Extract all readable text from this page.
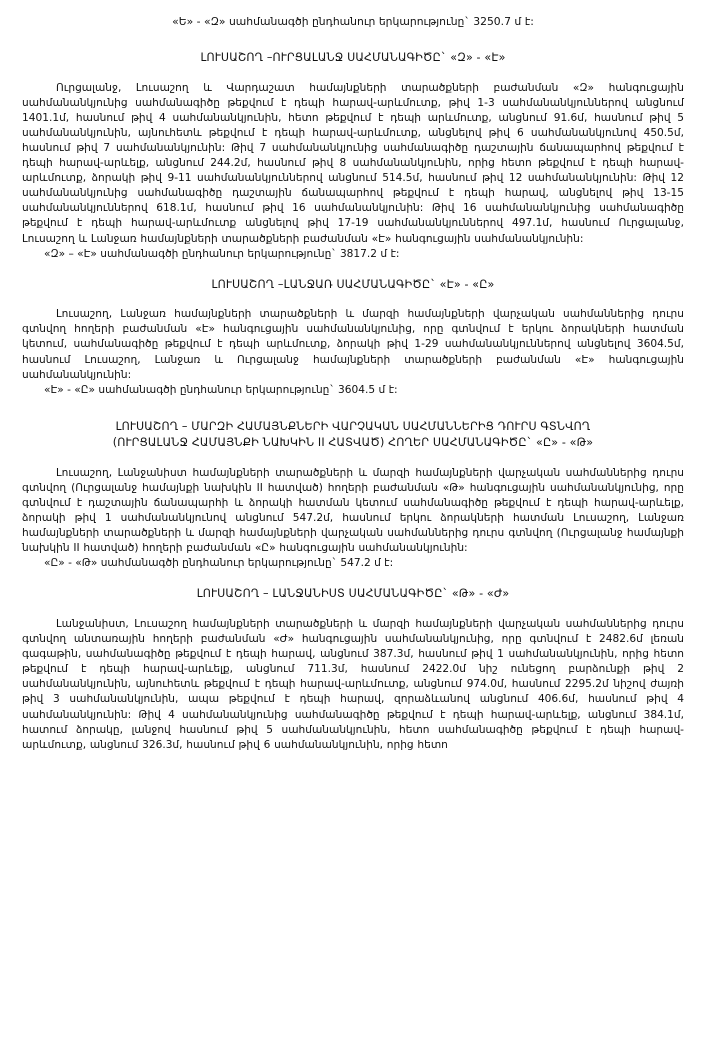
«Ե» - «Զ» սահմանագծի ընդհանուր երկարությունը` 3250.7 մ է:

ԼՈՒՍԱՇՈՂ –ՈՒՐՑԱԼԱՆՋ ՍԱՀՄԱՆԱԳԻԾԸ` «Զ» - «Է»

Ուրցալանջ, Լուսաշող և Վարդաշատ համայնքների տարածքների բաժանման «Զ» հանգուցային սահմանանկյունից սահմանագիծը թեքվում է դեպի հարավ-արևմուտք, թիվ 1-3 սահմանանկյուններով անցնում 1401.1մ, հասնում թիվ 4 սահմանանկյունին, հետո թեքվում է դեպի արևմուտք, անցնում 91.6մ, հասնում թիվ 5 սահմանանկյունին, այնուհետև թեքվում է դեպի հարավ-արևմուտք, անցնելով թիվ 6 սահմանանկյունով 450.5մ, հասնում թիվ 7 սահմանանկյունին: Թիվ 7 սահմանանկյունից սահմանագիծը դաշտային ճանապարհով թեքվում է դեպի հարավ-արևելք, անցնում 244.2մ, հասնում թիվ 8 սահմանանկյունին, որից հետո թեքվում է դեպի հարավ-արևմուտք, ձորակի թիվ 9-11 սահմանանկյուններով անցնում 514.5մ, հասնում թիվ 12 սահմանանկյունին: Թիվ 12 սահմանանկյունից սահմանագիծը դաշտային ճանապարհով թեքվում է դեպի հարավ, անցնելով թիվ 13-15 սահմանանկյուններով 618.1մ, հասնում թիվ 16 սահմանանկյունին: Թիվ 16 սահմանանկյունից սահմանագիծը թեքվում է դեպի հարավ-արևմուտք անցնելով թիվ 17-19 սահմանանկյուններով 497.1մ, հասնում Ուրցալանջ, Լուսաշող և Լանջառ համայնքների տարածքների բաժանման «Է» հանգուցային սահմանանկյունին:

«Զ» – «Է» սահմանագծի ընդհանուր երկարությունը` 3817.2 մ է:

ԼՈՒՍԱՇՈՂ –ԼԱՆՋԱՌ ՍԱՀՄԱՆԱԳԻԾԸ` «Է» - «Ը»

Լուսաշող, Լանջառ համայնքների տարածքների և մարզի համայնքների վարչական սահմաններից դուրս գտնվող հողերի բաժանման «Է» հանգուցային սահմանանկյունից, որը գտնվում է երկու ձորակների հատման կետում, սահմանագիծը թեքվում է դեպի արևմուտք, ձորակի թիվ 1-29 սահմանանկյուններով անցնելով 3604.5մ, հասնում Լուսաշող, Լանջառ և Ուրցալանջ համայնքների տարածքների բաժանման «Է» հանգուցային սահմանանկյունին:

«Է» - «Ը» սահմանագծի ընդհանուր երկարությունը` 3604.5 մ է:

ԼՈՒՍԱՇՈՂ – ՄԱՐԶԻ ՀԱՄԱՅՆՔՆԵՐԻ ՎԱՐՉԱԿԱՆ ՍԱՀՄԱՆՆԵՐԻՑ ԴՈՒՐՍ ԳՏՆՎՈՂ

(ՈՒՐՑԱԼԱՆՋ ՀԱՄԱՅՆՔԻ ՆԱԽԿԻՆ II ՀԱՏՎԱԾ) ՀՈՂԵՐ ՍԱՀՄԱՆԱԳԻԾԸ` «Ը» - «Թ»

Լուսաշող, Լանջանիստ համայնքների տարածքների և մարզի համայնքների վարչական սահմաններից դուրս գտնվող (Ուրցալանջ համայնքի նախկին II հատված) հողերի բաժանման «Թ» հանգուցային սահմանանկյունից, որը գտնվում է դաշտային ճանապարհի և ձորակի հատման կետում սահմանագիծը թեքվում է դեպի հարավ-արևելք, ձորակի թիվ 1 սահմանանկյունով անցնում 547.2մ, հասնում երկու ձորակների հատման Լուսաշող, Լանջառ համայնքների տարածքների և մարզի համայնքների վարչական սահմաններից դուրս գտնվող (Ուրցալանջ համայնքի նախկին II հատված) հողերի բաժանման «Ը» հանգուցային սահմանանկյունին:

«Ը» - «Թ» սահմանագծի ընդհանուր երկարությունը` 547.2 մ է:

ԼՈՒՍԱՇՈՂ – ԼԱՆՋԱՆԻՍՏ ՍԱՀՄԱՆԱԳԻԾԸ` «Թ» - «Ժ»

Լանջանիստ, Լուսաշող համայնքների տարածքների և մարզի համայնքների վարչական սահմաններից դուրս գտնվող անտառային հողերի բաժանման «Ժ» հանգուցային սահմանանկյունից, որը գտնվում է 2482.6մ լեռան գագաթին, սահմանագիծը թեքվում է դեպի հարավ, անցնում 387.3մ, հասնում թիվ 1 սահմանանկյունին, որից հետո թեքվում է դեպի հարավ-արևելք, անցնում 711.3մ, հասնում 2422.0մ նիշ ունեցող բարձունքի թիվ 2 սահմանանկյունին, այնուհետև թեքվում է դեպի հարավ-արևմուտք, անցնում 974.0մ, հասնում 2295.2մ նիշով ժայռի թիվ 3 սահմանանկյունին, ապա թեքվում է դեպի հարավ, զորաձևանով անցնում 406.6մ, հասնում թիվ 4 սահմանանկյունին: Թիվ 4 սահմանանկյունից սահմանագիծը թեքվում է դեպի հարավ-արևելք, անցնում 384.1մ, հատում ձորակը, լանջով հասնում թիվ 5 սահմանանկյունին, հետո սահմանագիծը թեքվում է դեպի հարավ-արևմուտք, անցնում 326.3մ, հասնում թիվ 6 սահմանանկյունին, որից հետո
